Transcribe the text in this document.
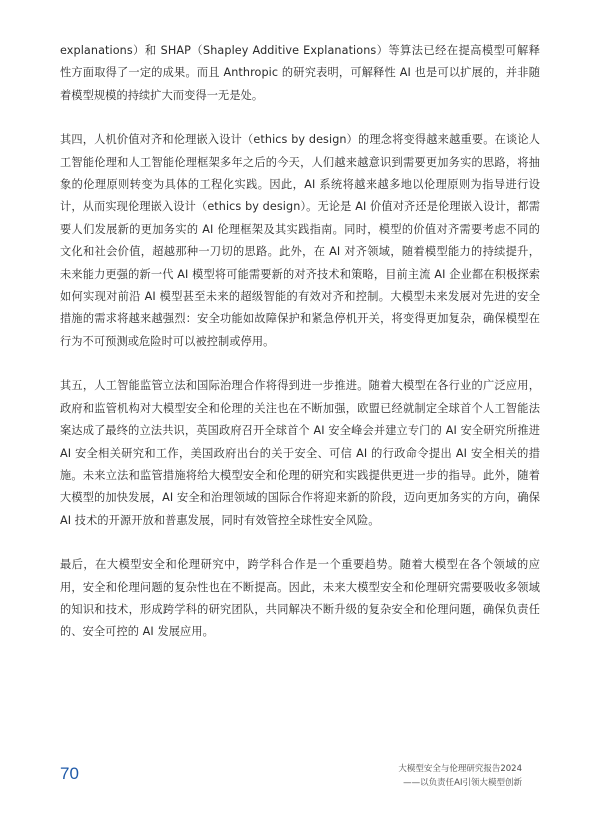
explanations）和 SHAP（Shapley Additive Explanations）等算法已经在提高模型可解释性方面取得了一定的成果。而且 Anthropic 的研究表明，可解释性 AI 也是可以扩展的，并非随着模型规模的持续扩大而变得一无是处。

其四，人机价值对齐和伦理嵌入设计（ethics by design）的理念将变得越来越重要。在谈论人工智能伦理和人工智能伦理框架多年之后的今天，人们越来越意识到需要更加务实的思路，将抽象的伦理原则转变为具体的工程化实践。因此，AI 系统将越来越多地以伦理原则为指导进行设计，从而实现伦理嵌入设计（ethics by design）。无论是 AI 价值对齐还是伦理嵌入设计，都需要人们发展新的更加务实的 AI 伦理框架及其实践指南。同时，模型的价值对齐需要考虑不同的文化和社会价值，超越那种一刀切的思路。此外，在 AI 对齐领域，随着模型能力的持续提升，未来能力更强的新一代 AI 模型将可能需要新的对齐技术和策略，目前主流 AI 企业都在积极探索如何实现对前沿 AI 模型甚至未来的超级智能的有效对齐和控制。大模型未来发展对先进的安全措施的需求将越来越强烈：安全功能如故障保护和紧急停机开关，将变得更加复杂，确保模型在行为不可预测或危险时可以被控制或停用。

其五，人工智能监管立法和国际治理合作将得到进一步推进。随着大模型在各行业的广泛应用，政府和监管机构对大模型安全和伦理的关注也在不断加强，欧盟已经就制定全球首个人工智能法案达成了最终的立法共识，英国政府召开全球首个 AI 安全峰会并建立专门的 AI 安全研究所推进 AI 安全相关研究和工作，美国政府出台的关于安全、可信 AI 的行政命令提出 AI 安全相关的措施。未来立法和监管措施将给大模型安全和伦理的研究和实践提供更进一步的指导。此外，随着大模型的加快发展，AI 安全和治理领域的国际合作将迎来新的阶段，迈向更加务实的方向，确保 AI 技术的开源开放和普惠发展，同时有效管控全球性安全风险。

最后，在大模型安全和伦理研究中，跨学科合作是一个重要趋势。随着大模型在各个领域的应用，安全和伦理问题的复杂性也在不断提高。因此，未来大模型安全和伦理研究需要吸收多领域的知识和技术，形成跨学科的研究团队，共同解决不断升级的复杂安全和伦理问题，确保负责任的、安全可控的 AI 发展应用。

70	大模型安全与伦理研究报告2024
——以负责任AI引领大模型创新
